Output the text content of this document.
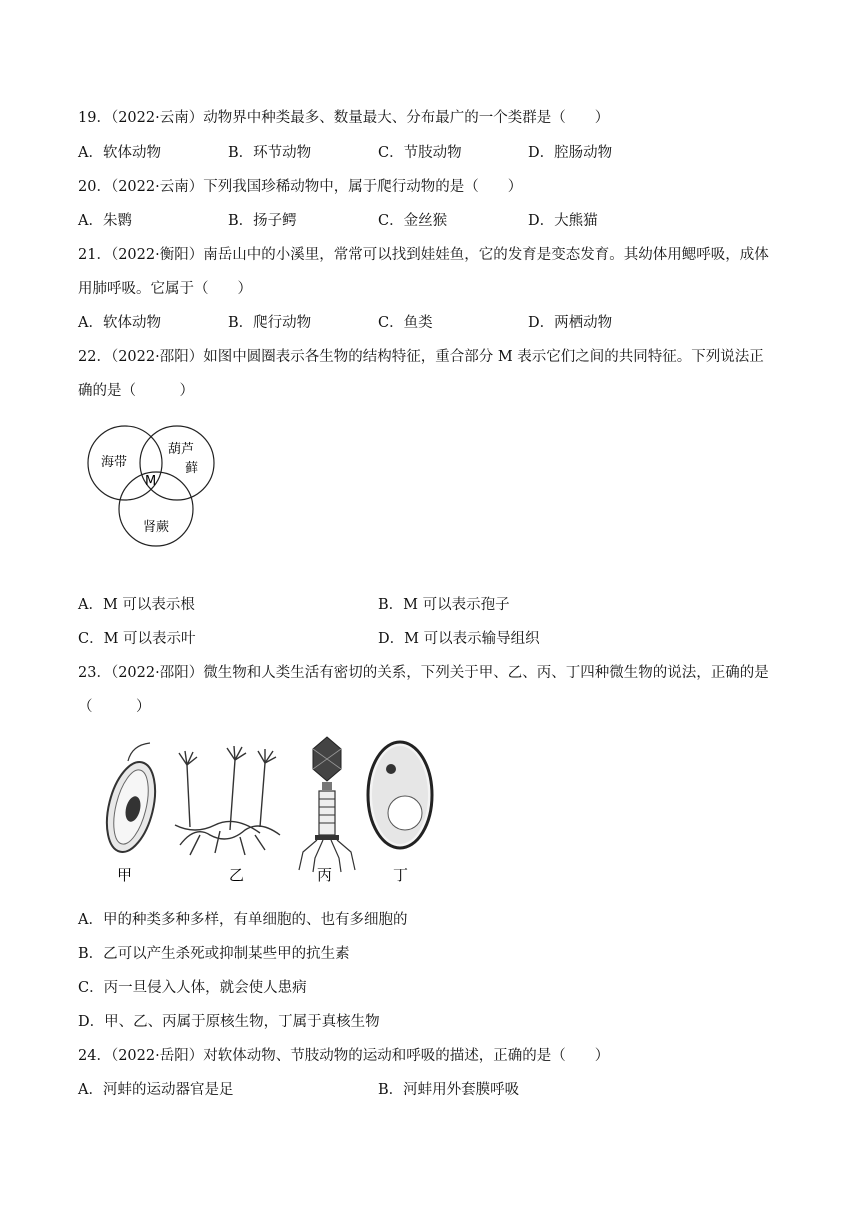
19．（2022·云南）动物界中种类最多、数量最大、分布最广的一个类群是（　　）
A．软体动物	B．环节动物	C．节肢动物	D．腔肠动物
20．（2022·云南）下列我国珍稀动物中，属于爬行动物的是（　　）
A．朱鹮	B．扬子鳄	C．金丝猴	D．大熊猫
21．（2022·衡阳）南岳山中的小溪里，常常可以找到娃娃鱼，它的发育是变态发育。其幼体用鳃呼吸，成体
用肺呼吸。它属于（　　）
A．软体动物	B．爬行动物	C．鱼类	D．两栖动物
22．（2022·邵阳）如图中圆圈表示各生物的结构特征，重合部分 M 表示它们之间的共同特征。下列说法正
确的是（　　　）
海带
葫芦
藓
肾蕨
M
A．M 可以表示根	B．M 可以表示孢子
C．M 可以表示叶	D．M 可以表示输导组织
23．（2022·邵阳）微生物和人类生活有密切的关系，下列关于甲、乙、丙、丁四种微生物的说法，正确的是
（　　　）
甲	乙	丙	丁
A．甲的种类多种多样，有单细胞的、也有多细胞的
B．乙可以产生杀死或抑制某些甲的抗生素
C．丙一旦侵入人体，就会使人患病
D．甲、乙、丙属于原核生物，丁属于真核生物
24．（2022·岳阳）对软体动物、节肢动物的运动和呼吸的描述，正确的是（　　）
A．河蚌的运动器官是足	B．河蚌用外套膜呼吸
